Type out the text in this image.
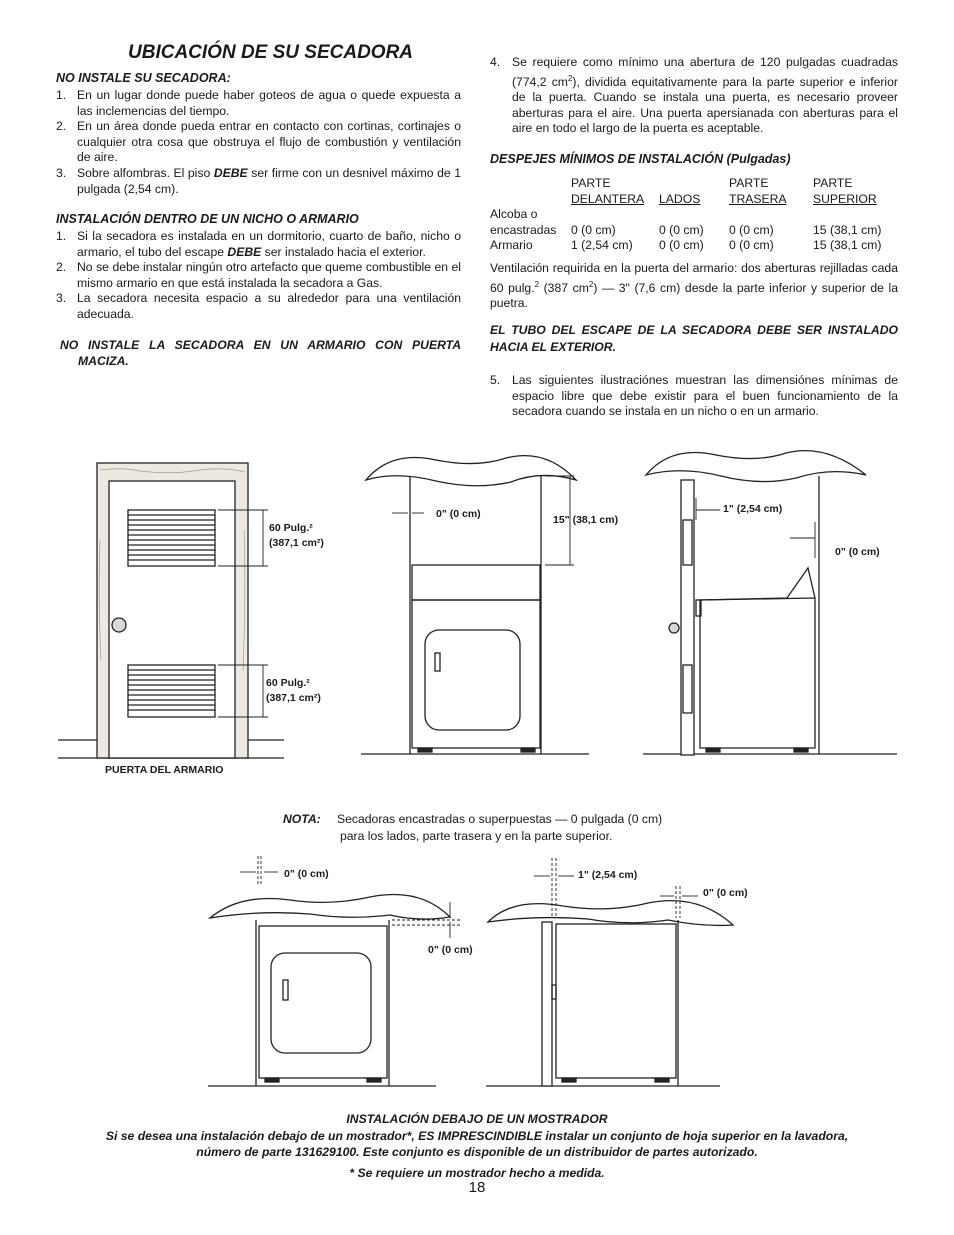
UBICACIÓN DE SU SECADORA
NO INSTALE SU SECADORA:
1. En un lugar donde puede haber goteos de agua o quede expuesta a las inclemencias del tiempo.
2. En un área donde pueda entrar en contacto con cortinas, cortinajes o cualquier otra cosa que obstruya el flujo de combustión y ventilación de aire.
3. Sobre alfombras. El piso DEBE ser firme con un desnivel máximo de 1 pulgada (2,54 cm).
INSTALACIÓN DENTRO DE UN NICHO O ARMARIO
1. Si la secadora es instalada en un dormitorio, cuarto de baño, nicho o armario, el tubo del escape DEBE ser instalado hacia el exterior.
2. No se debe instalar ningún otro artefacto que queme combustible en el mismo armario en que está instalada la secadora a Gas.
3. La secadora necesita espacio a su alrededor para una ventilación adecuada.
NO INSTALE LA SECADORA EN UN ARMARIO CON PUERTA
MACIZA.
4. Se requiere como mínimo una abertura de 120 pulgadas cuadradas (774,2 $cm^2$), dividida equitativamente para la parte superior e inferior de la puerta. Cuando se instala una puerta, es necesario proveer aberturas para el aire. Una puerta apersianada con aberturas para el aire en todo el largo de la puerta es aceptable.
DESPEJES MÍNIMOS DE INSTALACIÓN (Pulgadas)
	PARTE		PARTE	PARTE
	DELANTERA	LADOS	TRASERA	SUPERIOR
Alcoba o				
encastradas	0 (0 cm)	0 (0 cm)	0 (0 cm)	15 (38,1 cm)
Armario	1 (2,54 cm)	0 (0 cm)	0 (0 cm)	15 (38,1 cm)
Ventilación requirida en la puerta del armario: dos aberturas rejilladas cada 60 pulg.$^2$ (387 $cm^2$) — 3" (7,6 cm) desde la parte inferior y superior de la puetra.
EL TUBO DEL ESCAPE DE LA SECADORA DEBE SER INSTALADO HACIA EL EXTERIOR.
5. Las siguientes ilustraciónes muestran las dimensiónes mínimas de espacio libre que debe existir para el buen funcionamiento de la secadora cuando se instala en un nicho o en un armario.
60 Pulg.²
(387,1 cm²)
60 Pulg.²
(387,1 cm²)
PUERTA DEL ARMARIO
0" (0 cm)	15" (38,1 cm)
1" (2,54 cm)
0" (0 cm)
NOTA: Secadoras encastradas o superpuestas — 0 pulgada (0 cm)
para los lados, parte trasera y en la parte superior.
0" (0 cm)
0" (0 cm)
1" (2,54 cm)
0" (0 cm)
INSTALACIÓN DEBAJO DE UN MOSTRADOR
Si se desea una instalación debajo de un mostrador*, ES IMPRESCINDIBLE instalar un conjunto de hoja superior en la lavadora,
número de parte 131629100. Este conjunto es disponible de un distribuidor de partes autorizado.
* Se requiere un mostrador hecho a medida.
18
